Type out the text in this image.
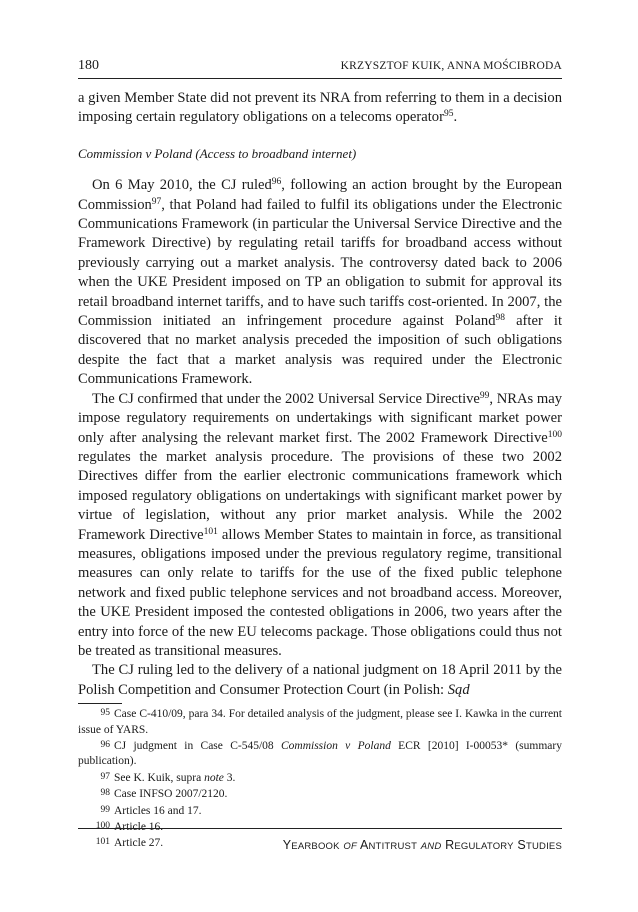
180	KRZYSZTOF KUIK, ANNA MOŚCIBRODA

a given Member State did not prevent its NRA from referring to them in a decision imposing certain regulatory obligations on a telecoms operator$^{95}$.

Commission v Poland (Access to broadband internet)

On 6 May 2010, the CJ ruled$^{96}$, following an action brought by the European Commission$^{97}$, that Poland had failed to fulfil its obligations under the Electronic Communications Framework (in particular the Universal Service Directive and the Framework Directive) by regulating retail tariffs for broadband access without previously carrying out a market analysis. The controversy dated back to 2006 when the UKE President imposed on TP an obligation to submit for approval its retail broadband internet tariffs, and to have such tariffs cost-oriented. In 2007, the Commission initiated an infringement procedure against Poland$^{98}$ after it discovered that no market analysis preceded the imposition of such obligations despite the fact that a market analysis was required under the Electronic Communications Framework.

The CJ confirmed that under the 2002 Universal Service Directive$^{99}$, NRAs may impose regulatory requirements on undertakings with significant market power only after analysing the relevant market first. The 2002 Framework Directive$^{100}$ regulates the market analysis procedure. The provisions of these two 2002 Directives differ from the earlier electronic communications framework which imposed regulatory obligations on undertakings with significant market power by virtue of legislation, without any prior market analysis. While the 2002 Framework Directive$^{101}$ allows Member States to maintain in force, as transitional measures, obligations imposed under the previous regulatory regime, transitional measures can only relate to tariffs for the use of the fixed public telephone network and fixed public telephone services and not broadband access. Moreover, the UKE President imposed the contested obligations in 2006, two years after the entry into force of the new EU telecoms package. Those obligations could thus not be treated as transitional measures.

The CJ ruling led to the delivery of a national judgment on 18 April 2011 by the Polish Competition and Consumer Protection Court (in Polish: Sąd

95 Case C-410/09, para 34. For detailed analysis of the judgment, please see I. Kawka in the current issue of YARS.

96 CJ judgment in Case C-545/08 Commission v Poland ECR [2010] I-00053* (summary publication).

97 See K. Kuik, supra note 3.

98 Case INFSO 2007/2120.

99 Articles 16 and 17.

100 Article 16.

101 Article 27.	YEARBOOK OF ANTITRUST AND REGULATORY STUDIES
